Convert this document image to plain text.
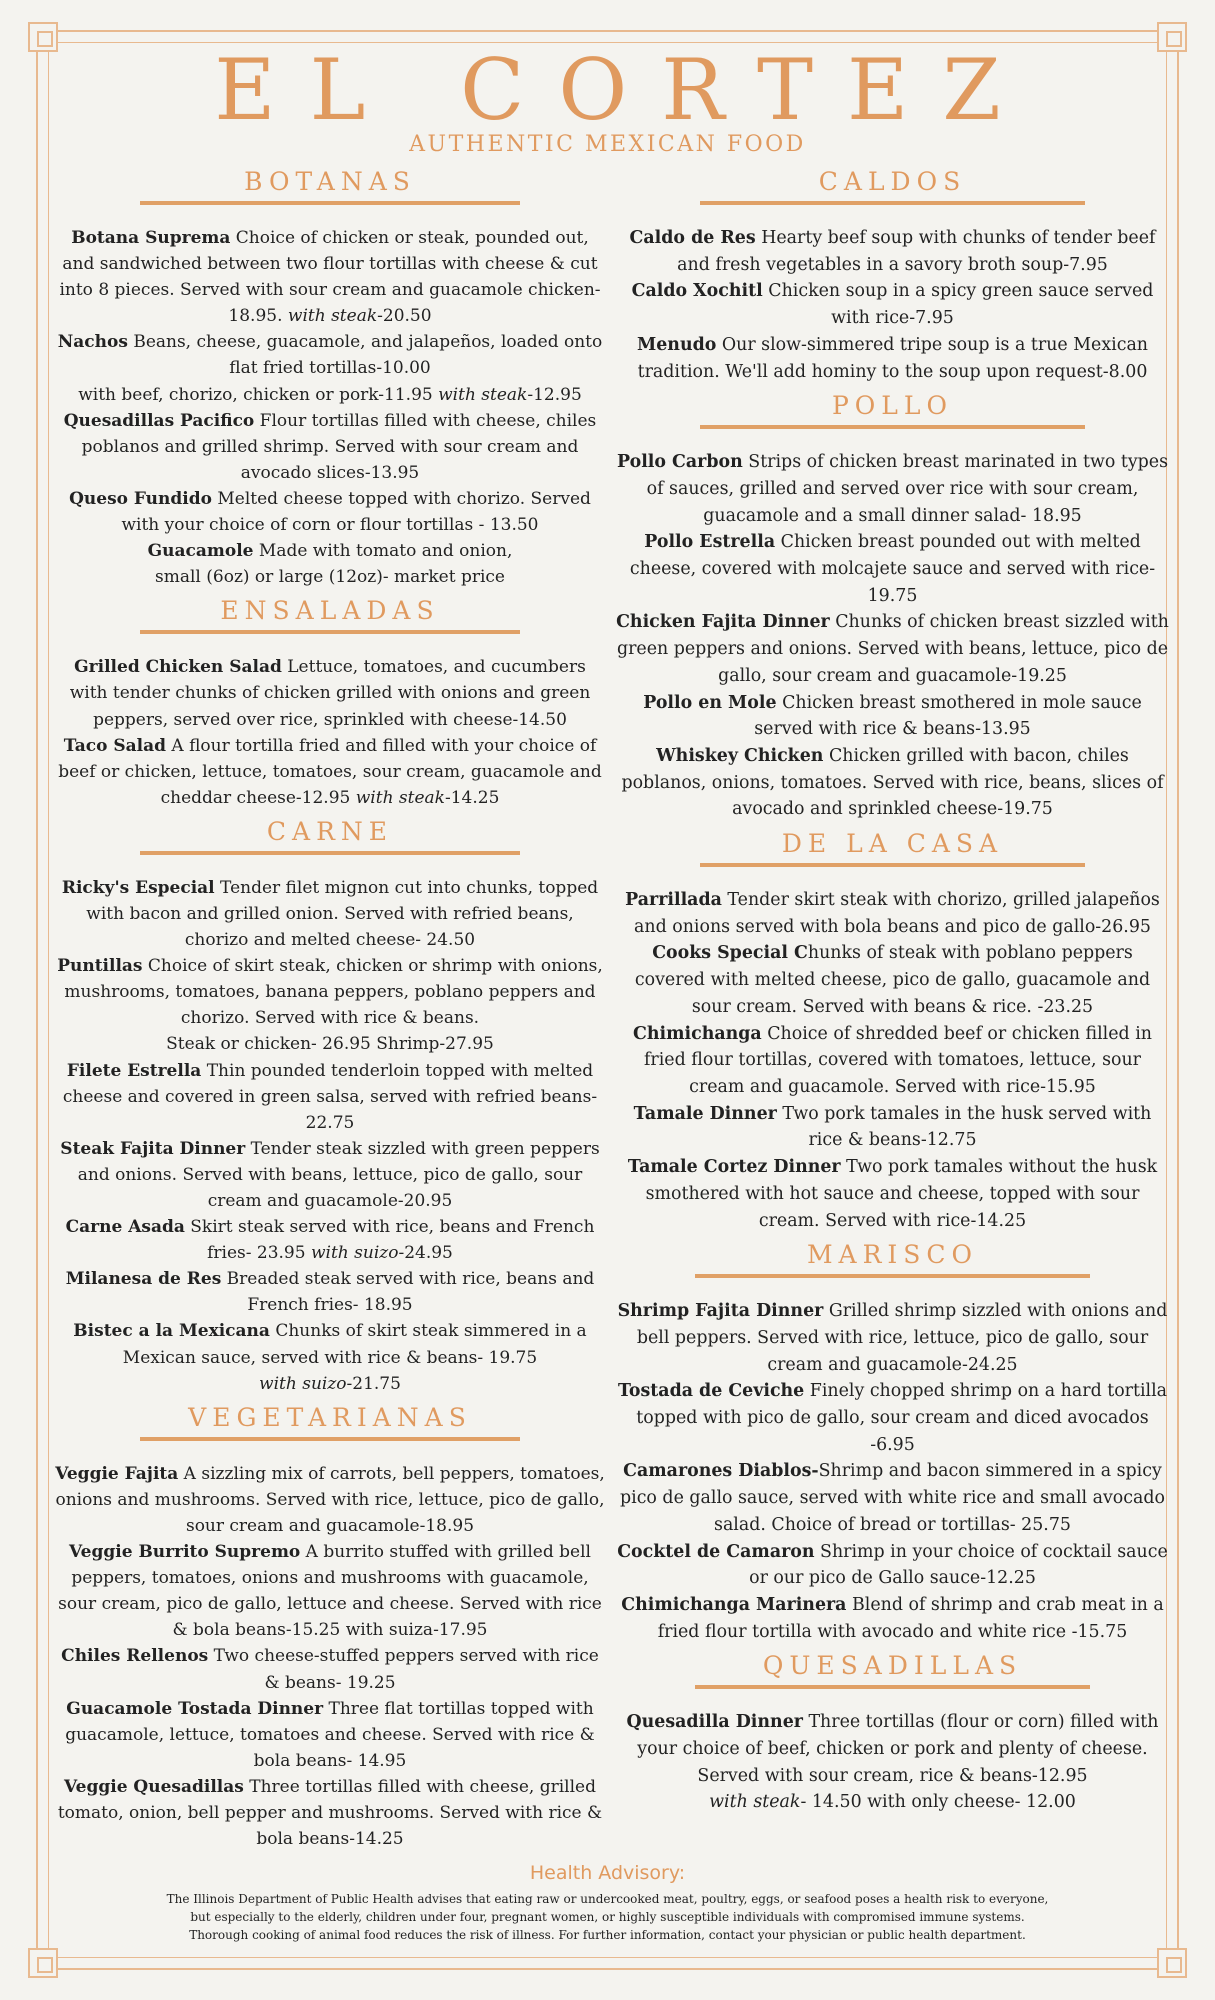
EL CORTEZ
AUTHENTIC MEXICAN FOOD
BOTANAS
Botana Suprema Choice of chicken or steak, pounded out, and sandwiched between two flour tortillas with cheese & cut into 8 pieces. Served with sour cream and guacamole chicken-18.95. with steak-20.50
Nachos Beans, cheese, guacamole, and jalapeños, loaded onto flat fried tortillas-10.00
with beef, chorizo, chicken or pork-11.95 with steak-12.95
Quesadillas Pacifico Flour tortillas filled with cheese, chiles poblanos and grilled shrimp. Served with sour cream and avocado slices-13.95
Queso Fundido Melted cheese topped with chorizo. Served with your choice of corn or flour tortillas - 13.50
Guacamole Made with tomato and onion,
small (6oz) or large (12oz)- market price
ENSALADAS
Grilled Chicken Salad Lettuce, tomatoes, and cucumbers with tender chunks of chicken grilled with onions and green peppers, served over rice, sprinkled with cheese-14.50
Taco Salad A flour tortilla fried and filled with your choice of beef or chicken, lettuce, tomatoes, sour cream, guacamole and cheddar cheese-12.95 with steak-14.25
CARNE
Ricky's Especial Tender filet mignon cut into chunks, topped with bacon and grilled onion. Served with refried beans, chorizo and melted cheese- 24.50
Puntillas Choice of skirt steak, chicken or shrimp with onions, mushrooms, tomatoes, banana peppers, poblano peppers and chorizo. Served with rice & beans.
Steak or chicken- 26.95 Shrimp-27.95
Filete Estrella Thin pounded tenderloin topped with melted cheese and covered in green salsa, served with refried beans-22.75
Steak Fajita Dinner Tender steak sizzled with green peppers and onions. Served with beans, lettuce, pico de gallo, sour cream and guacamole-20.95
Carne Asada Skirt steak served with rice, beans and French fries- 23.95 with suizo-24.95
Milanesa de Res Breaded steak served with rice, beans and French fries- 18.95
Bistec a la Mexicana Chunks of skirt steak simmered in a Mexican sauce, served with rice & beans- 19.75
with suizo-21.75
VEGETARIANAS
Veggie Fajita A sizzling mix of carrots, bell peppers, tomatoes, onions and mushrooms. Served with rice, lettuce, pico de gallo, sour cream and guacamole-18.95
Veggie Burrito Supremo A burrito stuffed with grilled bell peppers, tomatoes, onions and mushrooms with guacamole, sour cream, pico de gallo, lettuce and cheese. Served with rice & bola beans-15.25 with suiza-17.95
Chiles Rellenos Two cheese-stuffed peppers served with rice & beans- 19.25
Guacamole Tostada Dinner Three flat tortillas topped with guacamole, lettuce, tomatoes and cheese. Served with rice & bola beans- 14.95
Veggie Quesadillas Three tortillas filled with cheese, grilled tomato, onion, bell pepper and mushrooms. Served with rice & bola beans-14.25
CALDOS
Caldo de Res Hearty beef soup with chunks of tender beef and fresh vegetables in a savory broth soup-7.95
Caldo Xochitl Chicken soup in a spicy green sauce served with rice-7.95
Menudo Our slow-simmered tripe soup is a true Mexican tradition. We'll add hominy to the soup upon request-8.00
POLLO
Pollo Carbon Strips of chicken breast marinated in two types of sauces, grilled and served over rice with sour cream, guacamole and a small dinner salad- 18.95
Pollo Estrella Chicken breast pounded out with melted cheese, covered with molcajete sauce and served with rice-19.75
Chicken Fajita Dinner Chunks of chicken breast sizzled with green peppers and onions. Served with beans, lettuce, pico de gallo, sour cream and guacamole-19.25
Pollo en Mole Chicken breast smothered in mole sauce served with rice & beans-13.95
Whiskey Chicken Chicken grilled with bacon, chiles poblanos, onions, tomatoes. Served with rice, beans, slices of avocado and sprinkled cheese-19.75
DE LA CASA
Parrillada Tender skirt steak with chorizo, grilled jalapeños and onions served with bola beans and pico de gallo-26.95
Cooks Special Chunks of steak with poblano peppers covered with melted cheese, pico de gallo, guacamole and sour cream. Served with beans & rice. -23.25
Chimichanga Choice of shredded beef or chicken filled in fried flour tortillas, covered with tomatoes, lettuce, sour cream and guacamole. Served with rice-15.95
Tamale Dinner Two pork tamales in the husk served with rice & beans-12.75
Tamale Cortez Dinner Two pork tamales without the husk smothered with hot sauce and cheese, topped with sour cream. Served with rice-14.25
MARISCO
Shrimp Fajita Dinner Grilled shrimp sizzled with onions and bell peppers. Served with rice, lettuce, pico de gallo, sour cream and guacamole-24.25
Tostada de Ceviche Finely chopped shrimp on a hard tortilla topped with pico de gallo, sour cream and diced avocados -6.95
Camarones Diablos-Shrimp and bacon simmered in a spicy pico de gallo sauce, served with white rice and small avocado salad. Choice of bread or tortillas- 25.75
Cocktel de Camaron Shrimp in your choice of cocktail sauce or our pico de Gallo sauce-12.25
Chimichanga Marinera Blend of shrimp and crab meat in a fried flour tortilla with avocado and white rice -15.75
QUESADILLAS
Quesadilla Dinner Three tortillas (flour or corn) filled with your choice of beef, chicken or pork and plenty of cheese. Served with sour cream, rice & beans-12.95
with steak- 14.50 with only cheese- 12.00
Health Advisory:
The Illinois Department of Public Health advises that eating raw or undercooked meat, poultry, eggs, or seafood poses a health risk to everyone,
but especially to the elderly, children under four, pregnant women, or highly susceptible individuals with compromised immune systems.
Thorough cooking of animal food reduces the risk of illness. For further information, contact your physician or public health department.
